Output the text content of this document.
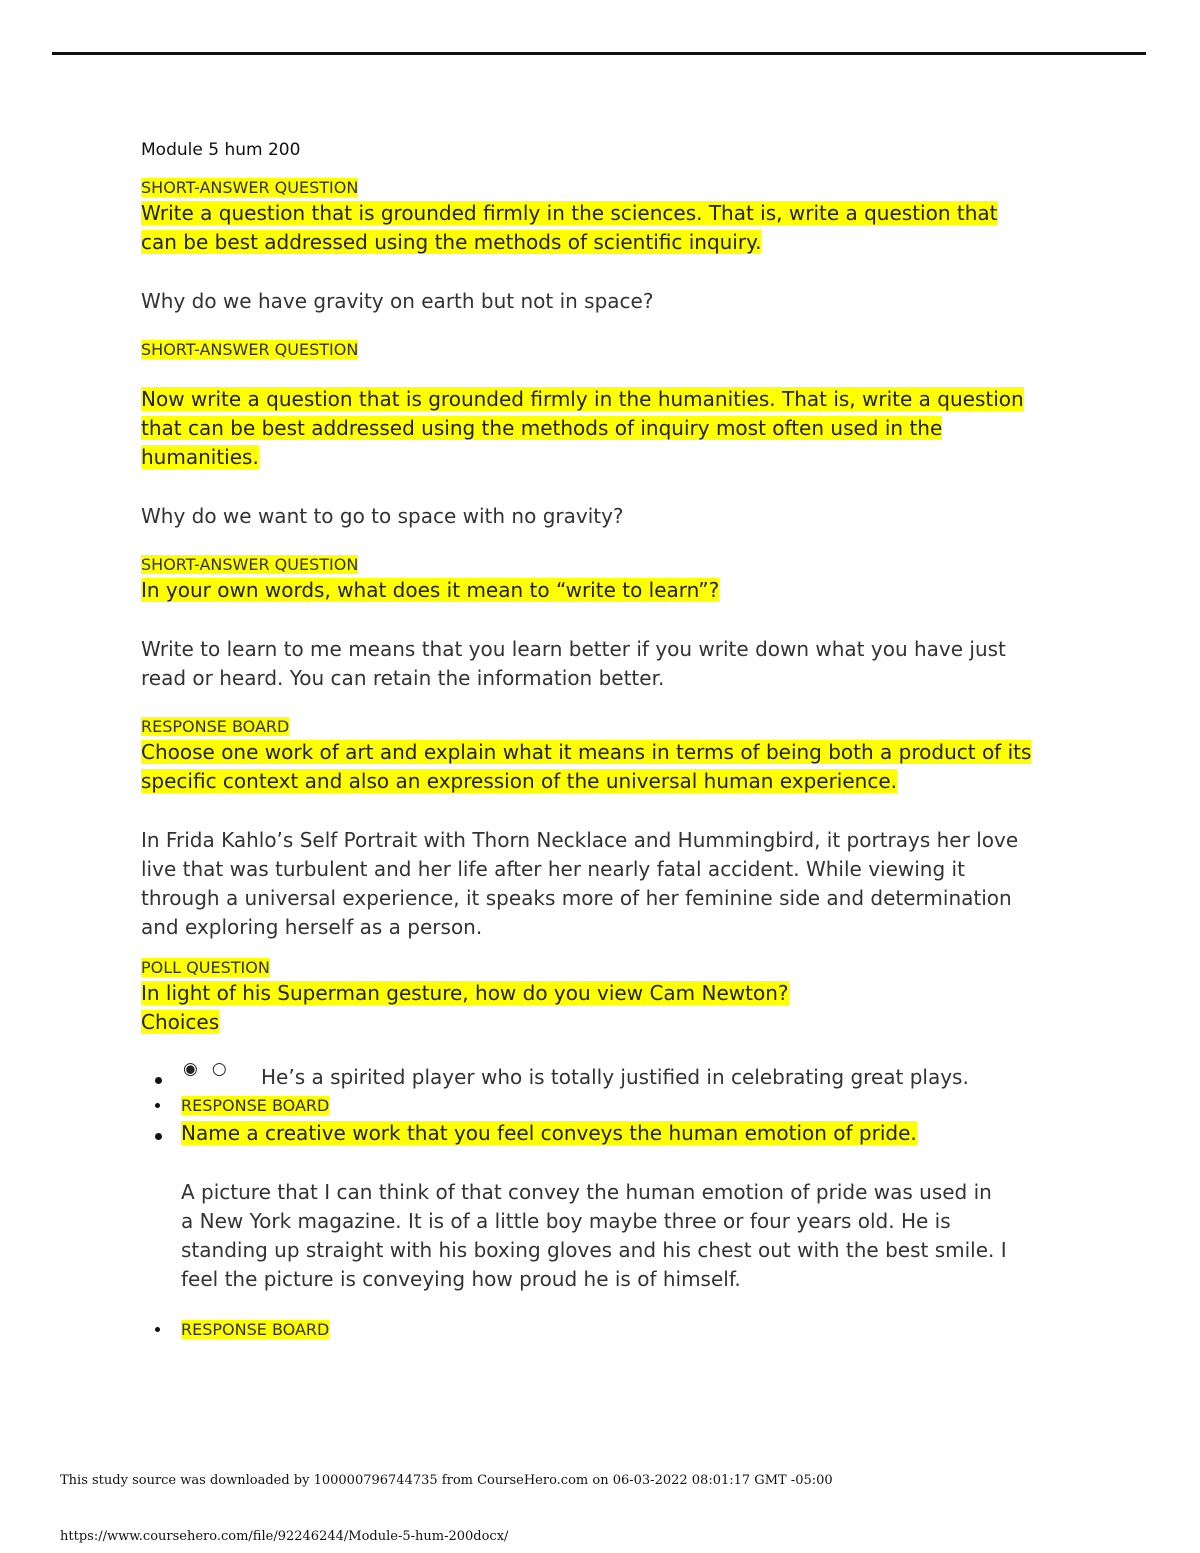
Module 5 hum 200

SHORT-ANSWER QUESTION

Write a question that is grounded firmly in the sciences. That is, write a question that
can be best addressed using the methods of scientific inquiry.

Why do we have gravity on earth but not in space?

SHORT-ANSWER QUESTION

Now write a question that is grounded firmly in the humanities. That is, write a question
that can be best addressed using the methods of inquiry most often used in the
humanities.

Why do we want to go to space with no gravity?

SHORT-ANSWER QUESTION

In your own words, what does it mean to “write to learn”?

Write to learn to me means that you learn better if you write down what you have just
read or heard. You can retain the information better.

RESPONSE BOARD

Choose one work of art and explain what it means in terms of being both a product of its
specific context and also an expression of the universal human experience.

In Frida Kahlo’s Self Portrait with Thorn Necklace and Hummingbird, it portrays her love
live that was turbulent and her life after her nearly fatal accident. While viewing it
through a universal experience, it speaks more of her feminine side and determination
and exploring herself as a person.

POLL QUESTION

In light of his Superman gesture, how do you view Cam Newton?

Choices

◉○ He’s a spirited player who is totally justified in celebrating great plays.
RESPONSE BOARD
Name a creative work that you feel conveys the human emotion of pride.

A picture that I can think of that convey the human emotion of pride was used in
a New York magazine. It is of a little boy maybe three or four years old. He is
standing up straight with his boxing gloves and his chest out with the best smile. I
feel the picture is conveying how proud he is of himself.

RESPONSE BOARD
This study source was downloaded by 100000796744735 from CourseHero.com on 06-03-2022 08:01:17 GMT -05:00
https://www.coursehero.com/file/92246244/Module-5-hum-200docx/
